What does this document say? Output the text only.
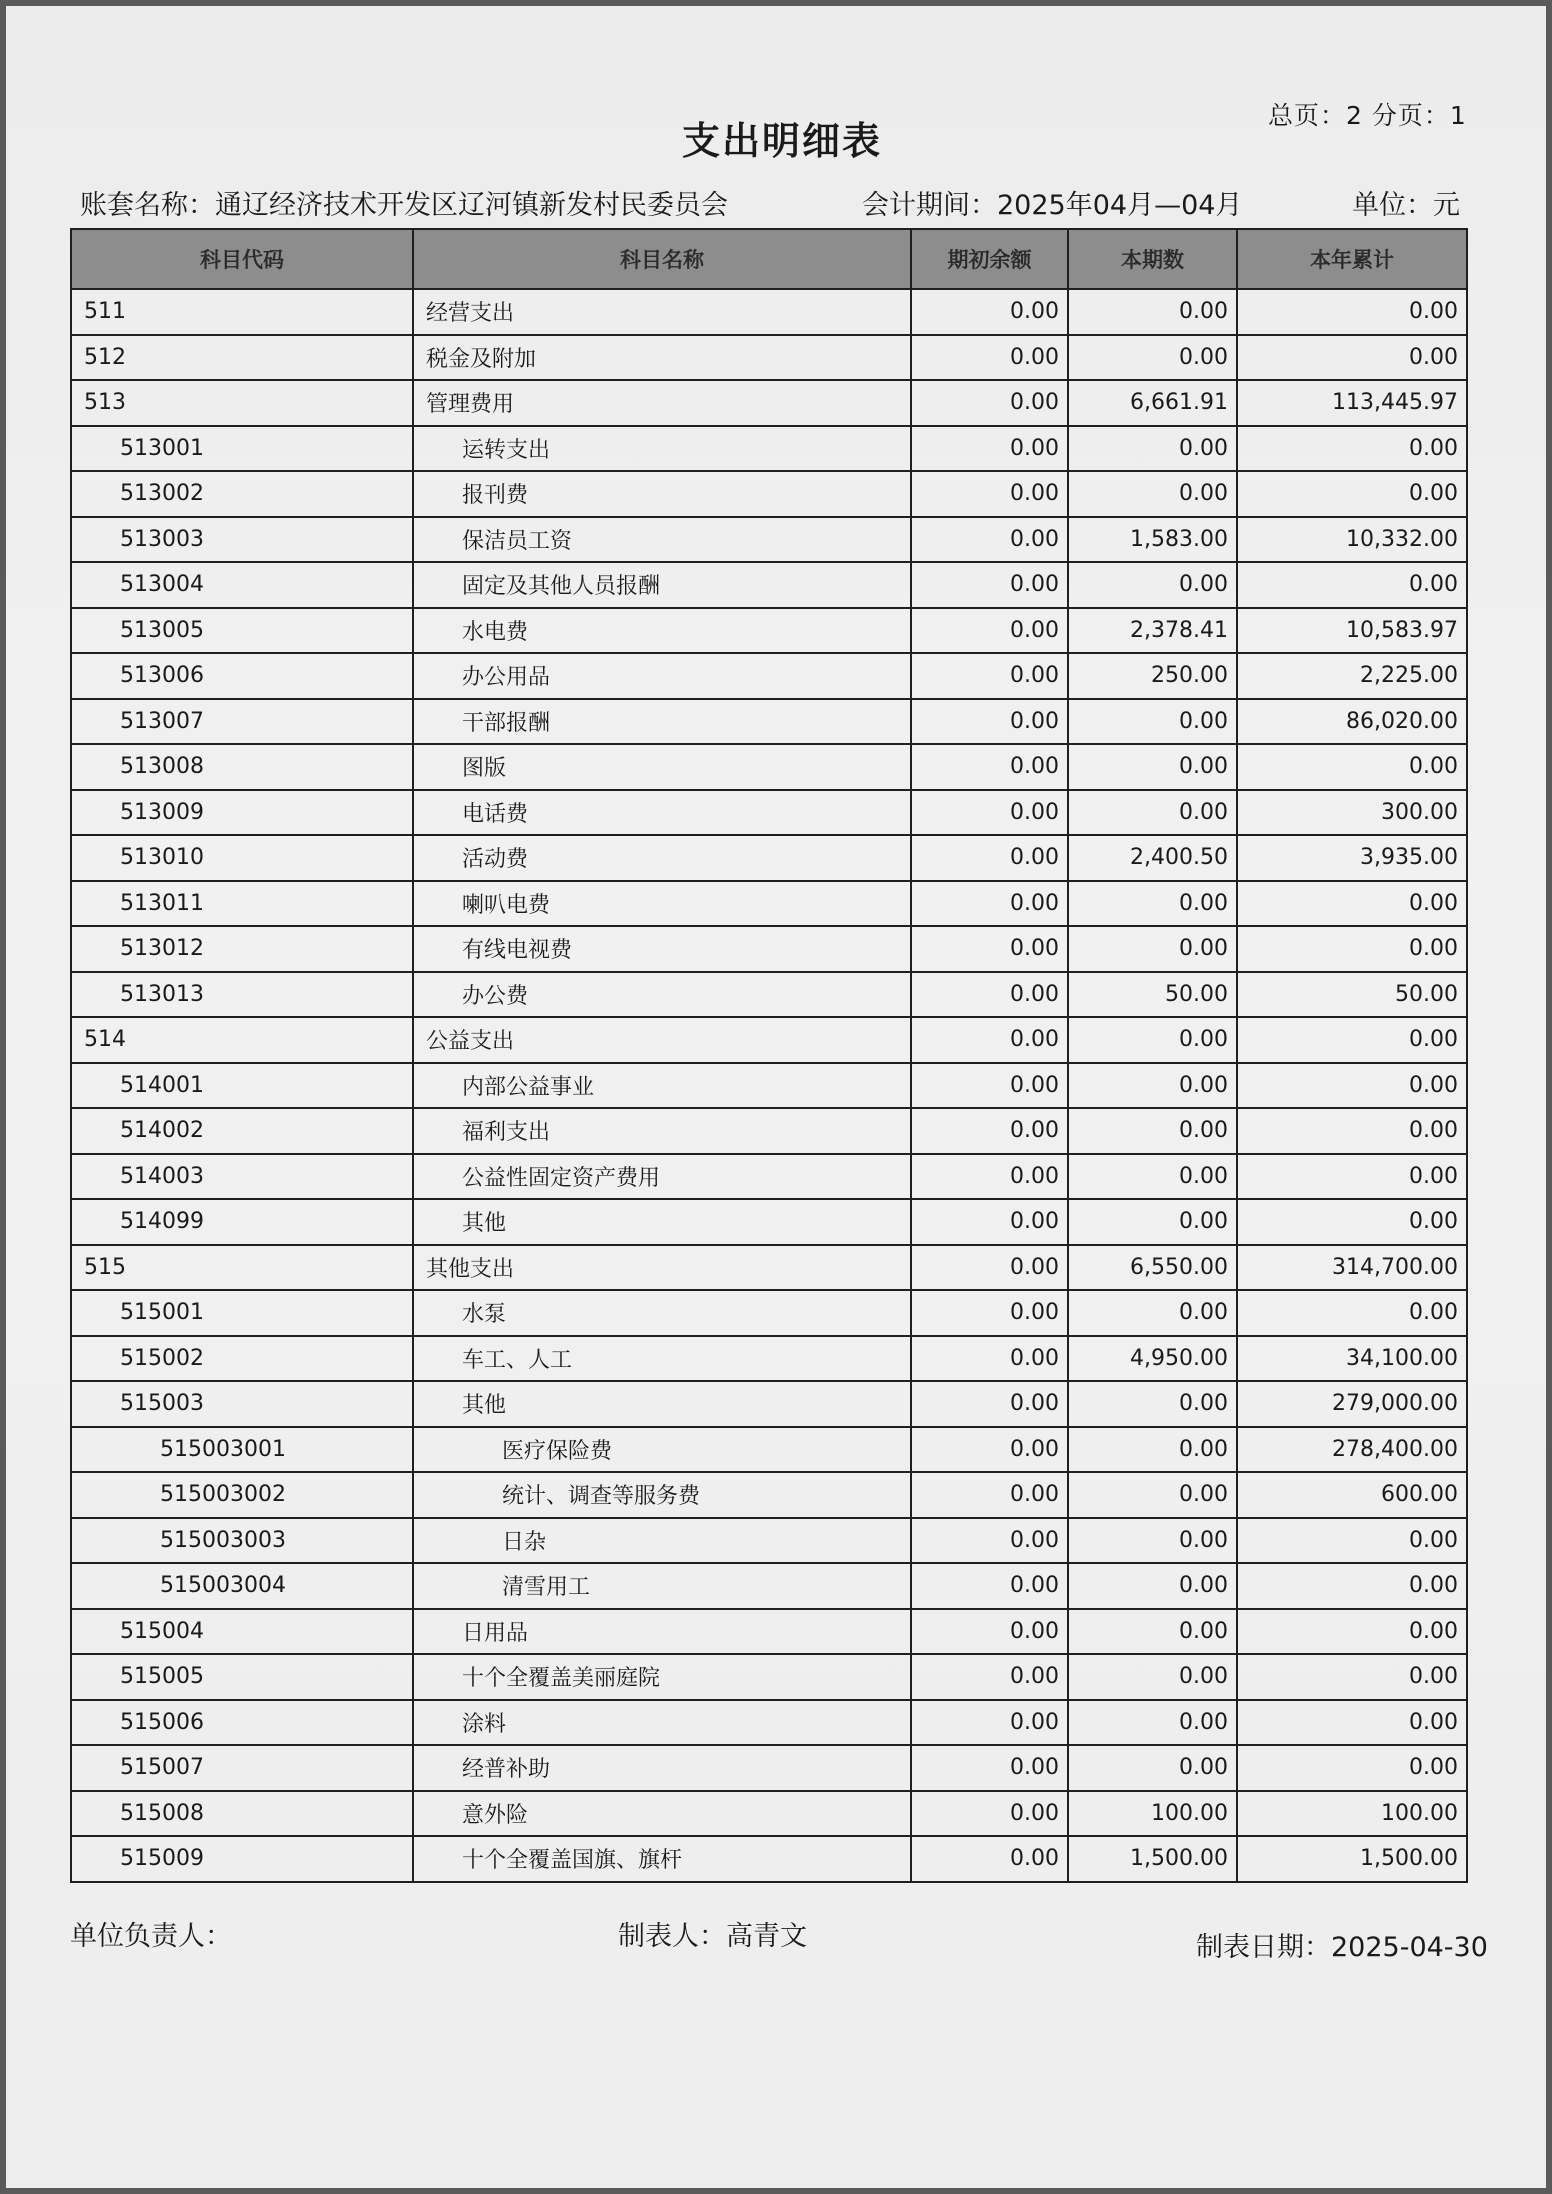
总页：2 分页：1
支出明细表
账套名称：通辽经济技术开发区辽河镇新发村民委员会	会计期间：2025年04月—04月	单位：元
科目代码	科目名称	期初余额	本期数	本年累计
511	经营支出	0.00	0.00	0.00
512	税金及附加	0.00	0.00	0.00
513	管理费用	0.00	6,661.91	113,445.97
513001	运转支出	0.00	0.00	0.00
513002	报刊费	0.00	0.00	0.00
513003	保洁员工资	0.00	1,583.00	10,332.00
513004	固定及其他人员报酬	0.00	0.00	0.00
513005	水电费	0.00	2,378.41	10,583.97
513006	办公用品	0.00	250.00	2,225.00
513007	干部报酬	0.00	0.00	86,020.00
513008	图版	0.00	0.00	0.00
513009	电话费	0.00	0.00	300.00
513010	活动费	0.00	2,400.50	3,935.00
513011	喇叭电费	0.00	0.00	0.00
513012	有线电视费	0.00	0.00	0.00
513013	办公费	0.00	50.00	50.00
514	公益支出	0.00	0.00	0.00
514001	内部公益事业	0.00	0.00	0.00
514002	福利支出	0.00	0.00	0.00
514003	公益性固定资产费用	0.00	0.00	0.00
514099	其他	0.00	0.00	0.00
515	其他支出	0.00	6,550.00	314,700.00
515001	水泵	0.00	0.00	0.00
515002	车工、人工	0.00	4,950.00	34,100.00
515003	其他	0.00	0.00	279,000.00
515003001	医疗保险费	0.00	0.00	278,400.00
515003002	统计、调查等服务费	0.00	0.00	600.00
515003003	日杂	0.00	0.00	0.00
515003004	清雪用工	0.00	0.00	0.00
515004	日用品	0.00	0.00	0.00
515005	十个全覆盖美丽庭院	0.00	0.00	0.00
515006	涂料	0.00	0.00	0.00
515007	经普补助	0.00	0.00	0.00
515008	意外险	0.00	100.00	100.00
515009	十个全覆盖国旗、旗杆	0.00	1,500.00	1,500.00
单位负责人：	制表人：高青文	制表日期：2025-04-30
